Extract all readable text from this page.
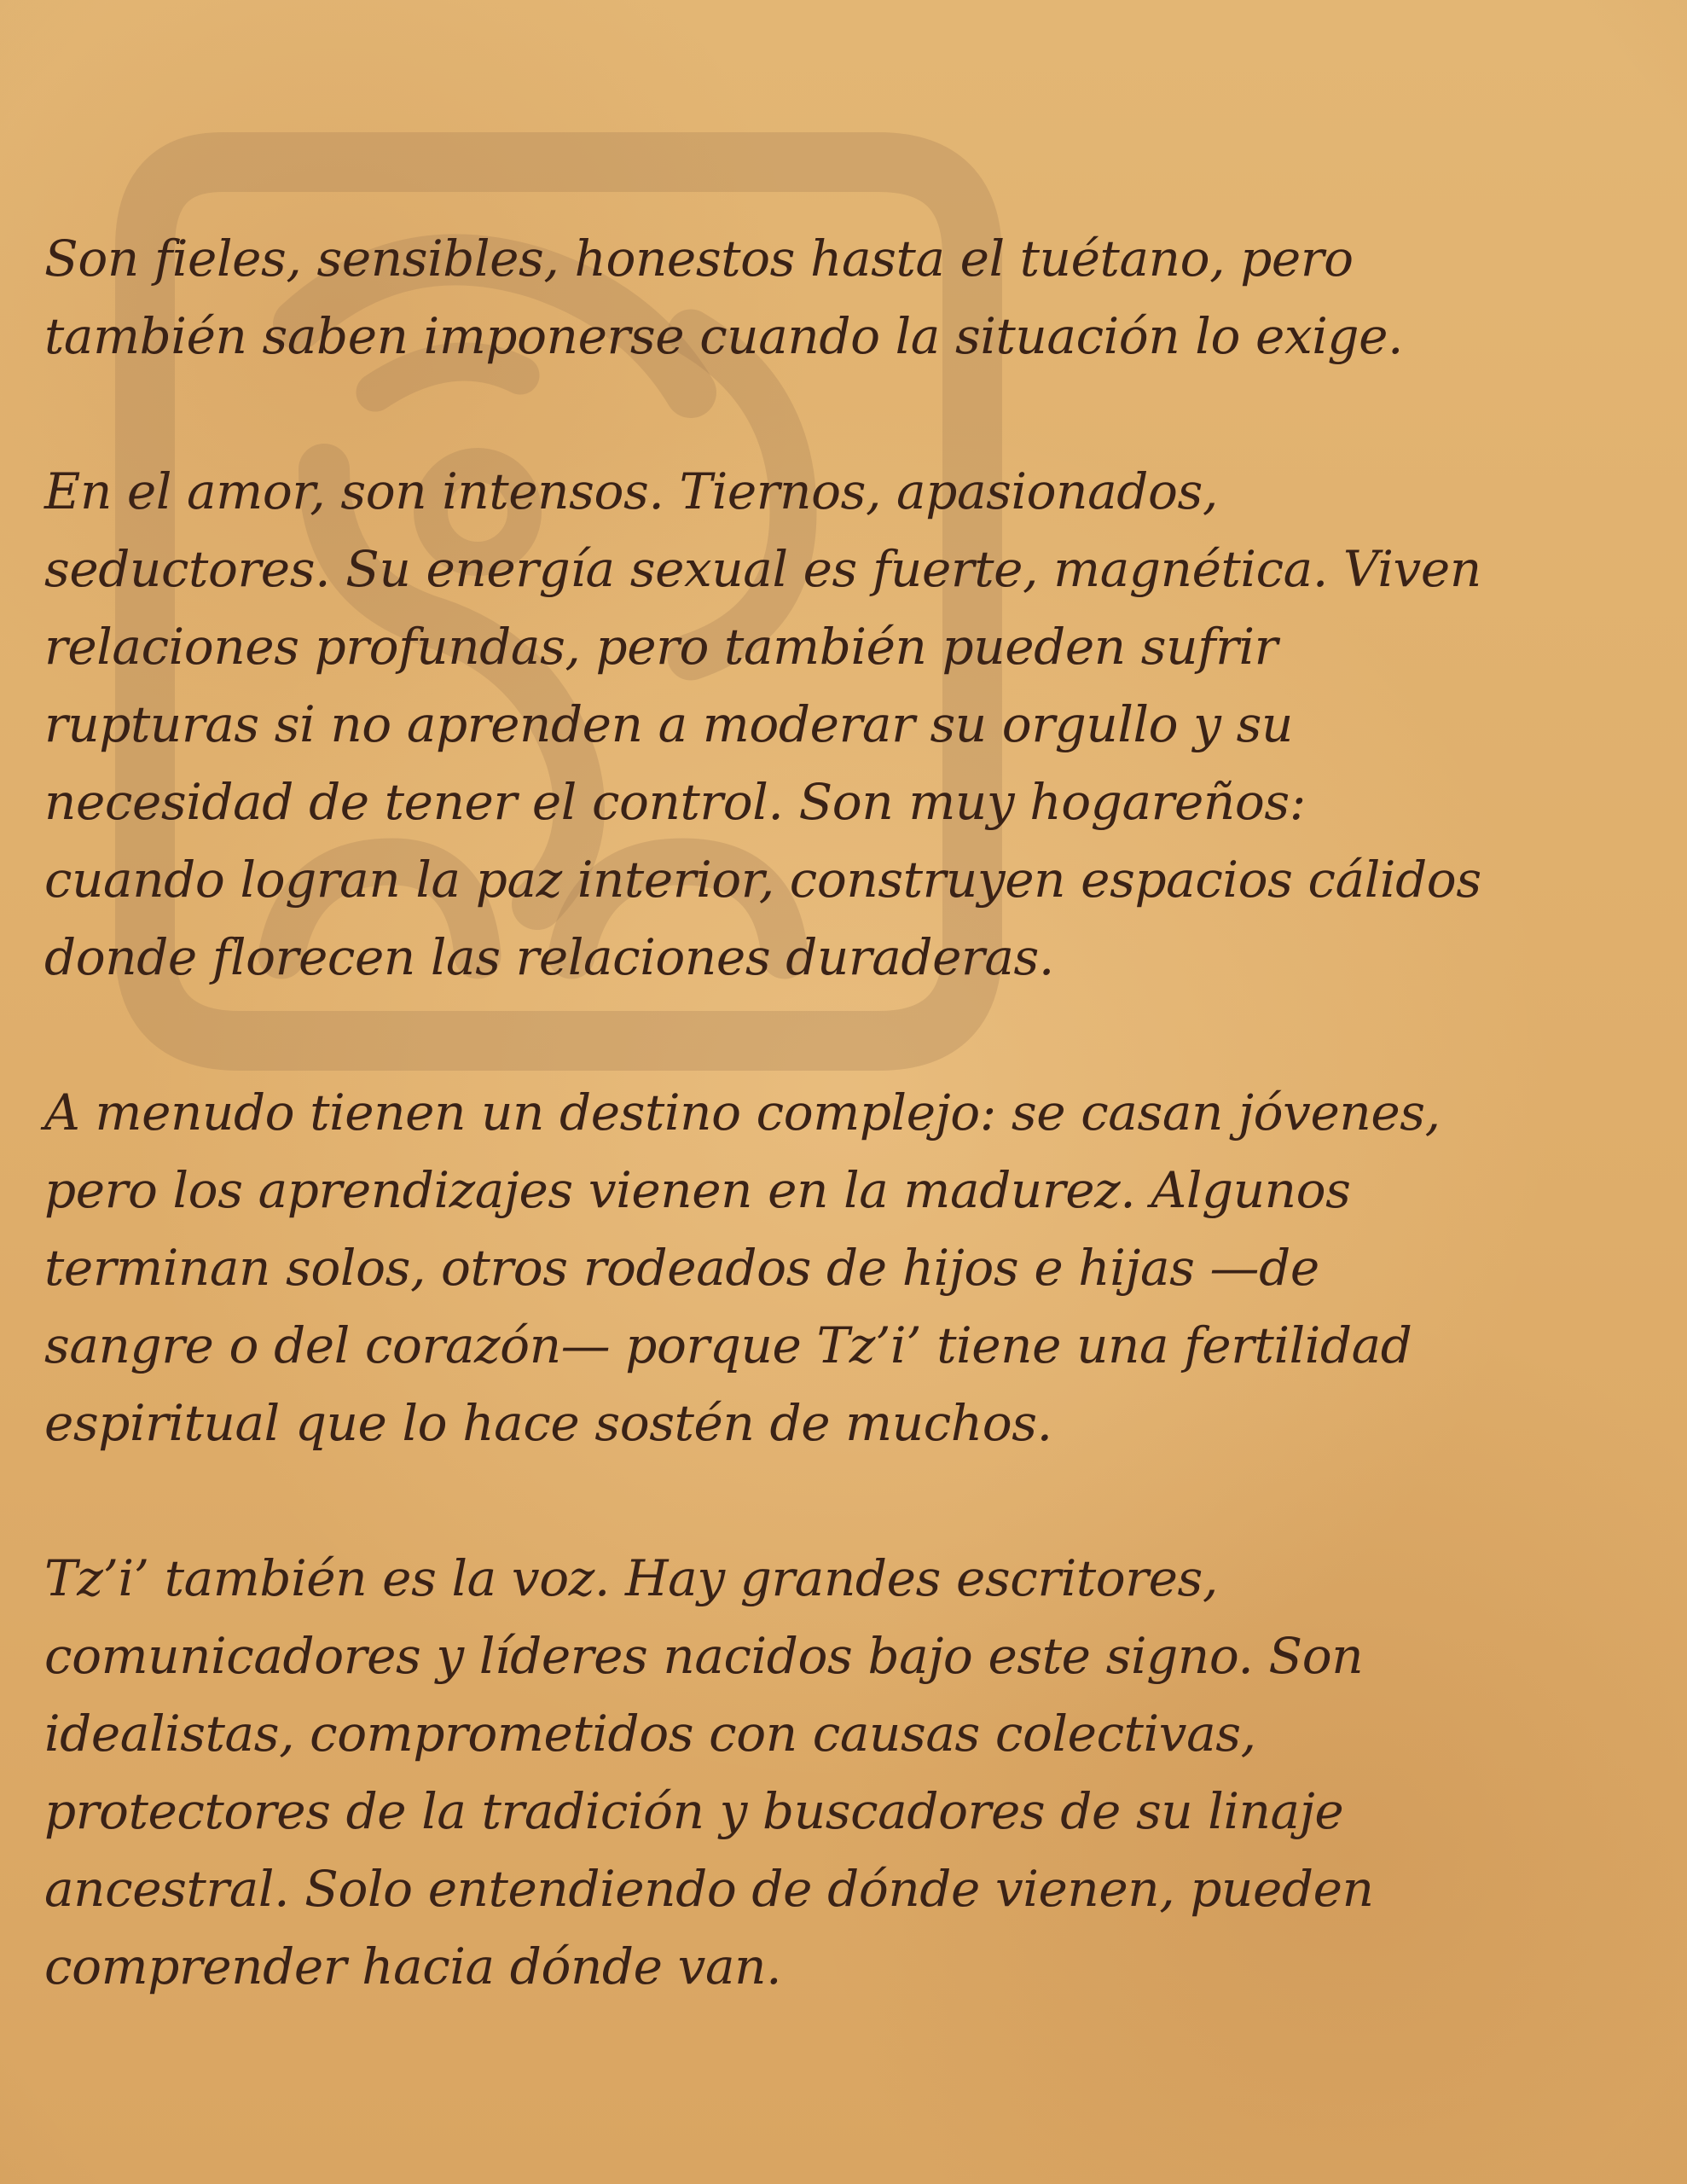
Son fieles, sensibles, honestos hasta el tuétano, pero
también saben imponerse cuando la situación lo exige.

En el amor, son intensos. Tiernos, apasionados,
seductores. Su energía sexual es fuerte, magnética. Viven
relaciones profundas, pero también pueden sufrir
rupturas si no aprenden a moderar su orgullo y su
necesidad de tener el control. Son muy hogareños:
cuando logran la paz interior, construyen espacios cálidos
donde florecen las relaciones duraderas.

A menudo tienen un destino complejo: se casan jóvenes,
pero los aprendizajes vienen en la madurez. Algunos
terminan solos, otros rodeados de hijos e hijas —de
sangre o del corazón— porque Tz’i’ tiene una fertilidad
espiritual que lo hace sostén de muchos.

Tz’i’ también es la voz. Hay grandes escritores,
comunicadores y líderes nacidos bajo este signo. Son
idealistas, comprometidos con causas colectivas,
protectores de la tradición y buscadores de su linaje
ancestral. Solo entendiendo de dónde vienen, pueden
comprender hacia dónde van.
